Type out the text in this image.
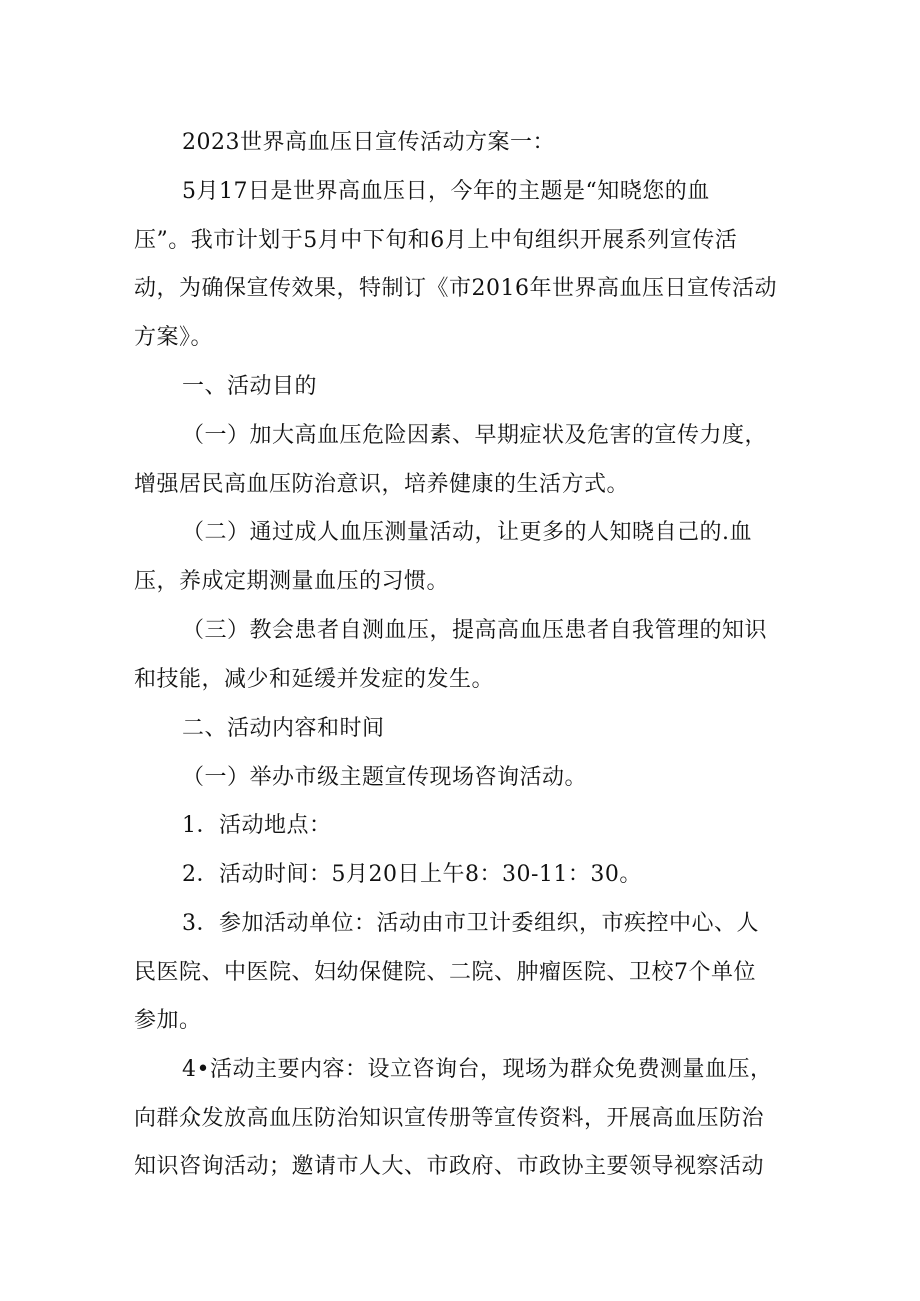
2023世界高血压日宣传活动方案一：
5月17日是世界高血压日，今年的主题是“知晓您的血
压”。我市计划于5月中下旬和6月上中旬组织开展系列宣传活
动，为确保宣传效果，特制订《市2016年世界高血压日宣传活动
方案》。
一、活动目的
（一）加大高血压危险因素、早期症状及危害的宣传力度，
增强居民高血压防治意识，培养健康的生活方式。
（二）通过成人血压测量活动，让更多的人知晓自己的.血
压，养成定期测量血压的习惯。
（三）教会患者自测血压，提高高血压患者自我管理的知识
和技能，减少和延缓并发症的发生。
二、活动内容和时间
（一）举办市级主题宣传现场咨询活动。
1．活动地点：
2．活动时间：5月20日上午8：30-11：30。
3．参加活动单位：活动由市卫计委组织，市疾控中心、人
民医院、中医院、妇幼保健院、二院、肿瘤医院、卫校7个单位
参加。
4•活动主要内容：设立咨询台，现场为群众免费测量血压，
向群众发放高血压防治知识宣传册等宣传资料，开展高血压防治
知识咨询活动；邀请市人大、市政府、市政协主要领导视察活动
